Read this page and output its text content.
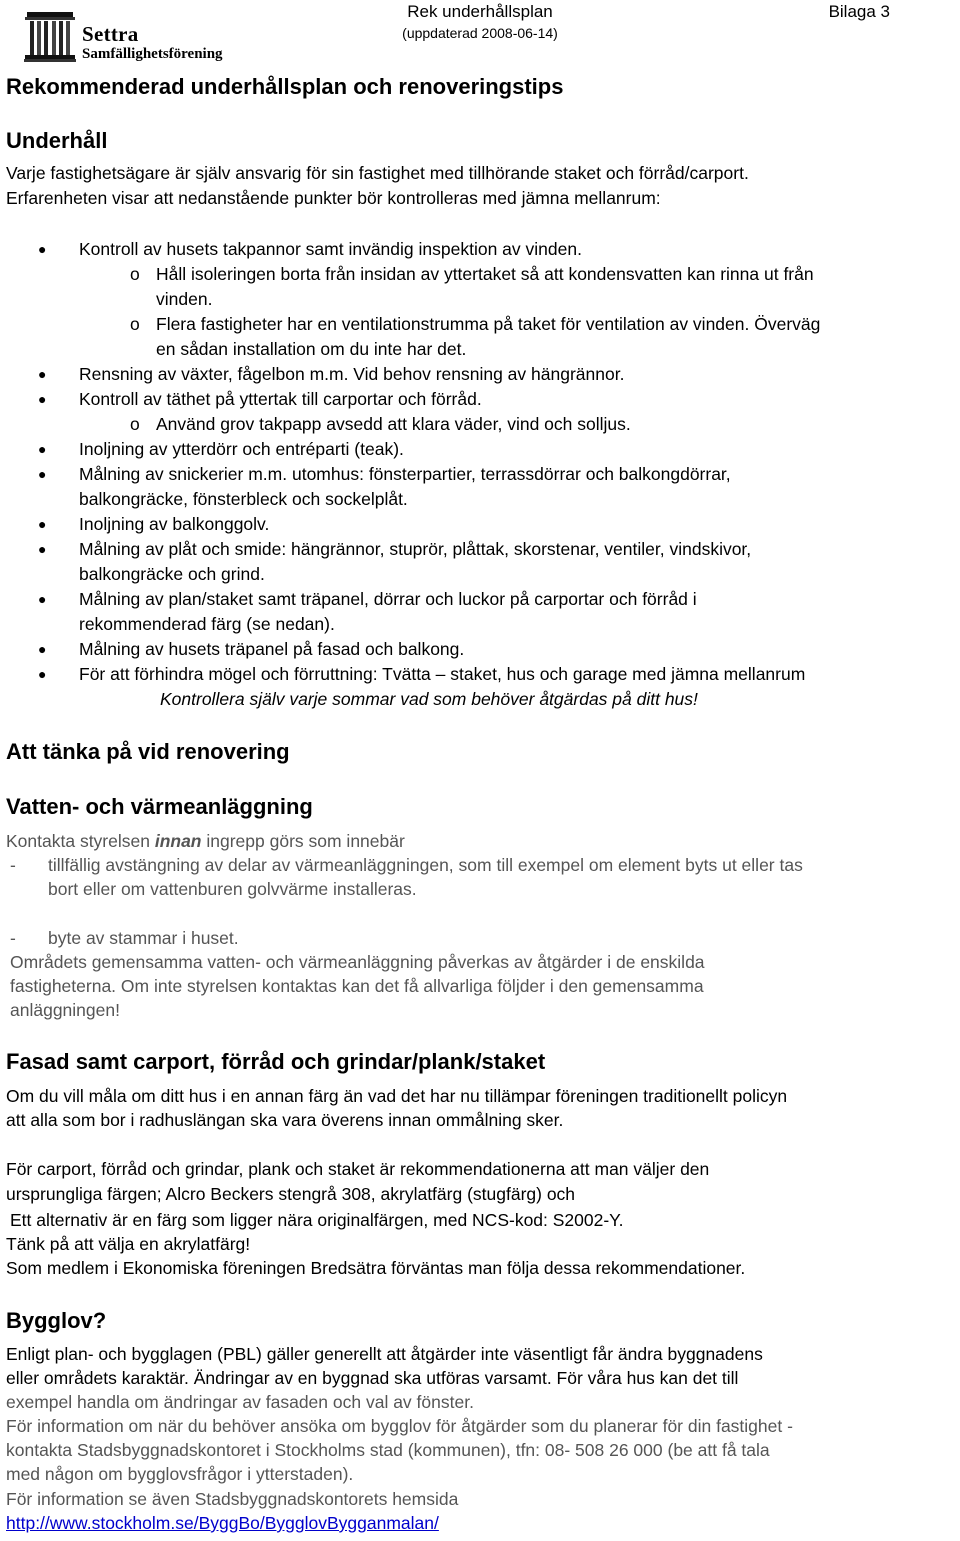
Settra
Samfällighetsförening
Rek underhållsplan
(uppdaterad 2008-06-14)
Bilaga 3
Rekommenderad underhållsplan och renoveringstips
Underhåll
Varje fastighetsägare är själv ansvarig för sin fastighet med tillhörande staket och förråd/carport.
Erfarenheten visar att nedanstående punkter bör kontrolleras med jämna mellanrum:
● Kontroll av husets takpannor samt invändig inspektion av vinden.
o Håll isoleringen borta från insidan av yttertaket så att kondensvatten kan rinna ut från
vinden.
o Flera fastigheter har en ventilationstrumma på taket för ventilation av vinden. Överväg
en sådan installation om du inte har det.
● Rensning av växter, fågelbon m.m. Vid behov rensning av hängrännor.
● Kontroll av täthet på yttertak till carportar och förråd.
o Använd grov takpapp avsedd att klara väder, vind och solljus.
● Inoljning av ytterdörr och entréparti (teak).
● Målning av snickerier m.m. utomhus: fönsterpartier, terrassdörrar och balkongdörrar,
balkongräcke, fönsterbleck och sockelplåt.
● Inoljning av balkonggolv.
● Målning av plåt och smide: hängrännor, stuprör, plåttak, skorstenar, ventiler, vindskivor,
balkongräcke och grind.
● Målning av plan/staket samt träpanel, dörrar och luckor på carportar och förråd i
rekommenderad färg (se nedan).
● Målning av husets träpanel på fasad och balkong.
● För att förhindra mögel och förruttning: Tvätta – staket, hus och garage med jämna mellanrum
Kontrollera själv varje sommar vad som behöver åtgärdas på ditt hus!
Att tänka på vid renovering
Vatten- och värmeanläggning
Kontakta styrelsen innan ingrepp görs som innebär
- tillfällig avstängning av delar av värmeanläggningen, som till exempel om element byts ut eller tas
bort eller om vattenburen golvvärme installeras.
- byte av stammar i huset.
Områdets gemensamma vatten- och värmeanläggning påverkas av åtgärder i de enskilda
fastigheterna. Om inte styrelsen kontaktas kan det få allvarliga följder i den gemensamma
anläggningen!
Fasad samt carport, förråd och grindar/plank/staket
Om du vill måla om ditt hus i en annan färg än vad det har nu tillämpar föreningen traditionellt policyn
att alla som bor i radhuslängan ska vara överens innan ommålning sker.
För carport, förråd och grindar, plank och staket är rekommendationerna att man väljer den
ursprungliga färgen; Alcro Beckers stengrå 308, akrylatfärg (stugfärg) och
Ett alternativ är en färg som ligger nära originalfärgen, med NCS-kod: S2002-Y.
Tänk på att välja en akrylatfärg!
Som medlem i Ekonomiska föreningen Bredsätra förväntas man följa dessa rekommendationer.
Bygglov?
Enligt plan- och bygglagen (PBL) gäller generellt att åtgärder inte väsentligt får ändra byggnadens
eller områdets karaktär. Ändringar av en byggnad ska utföras varsamt. För våra hus kan det till
exempel handla om ändringar av fasaden och val av fönster.
För information om när du behöver ansöka om bygglov för åtgärder som du planerar för din fastighet -
kontakta Stadsbyggnadskontoret i Stockholms stad (kommunen), tfn: 08- 508 26 000 (be att få tala
med någon om bygglovsfrågor i ytterstaden).
För information se även Stadsbyggnadskontorets hemsida
http://www.stockholm.se/ByggBo/BygglovBygganmalan/
